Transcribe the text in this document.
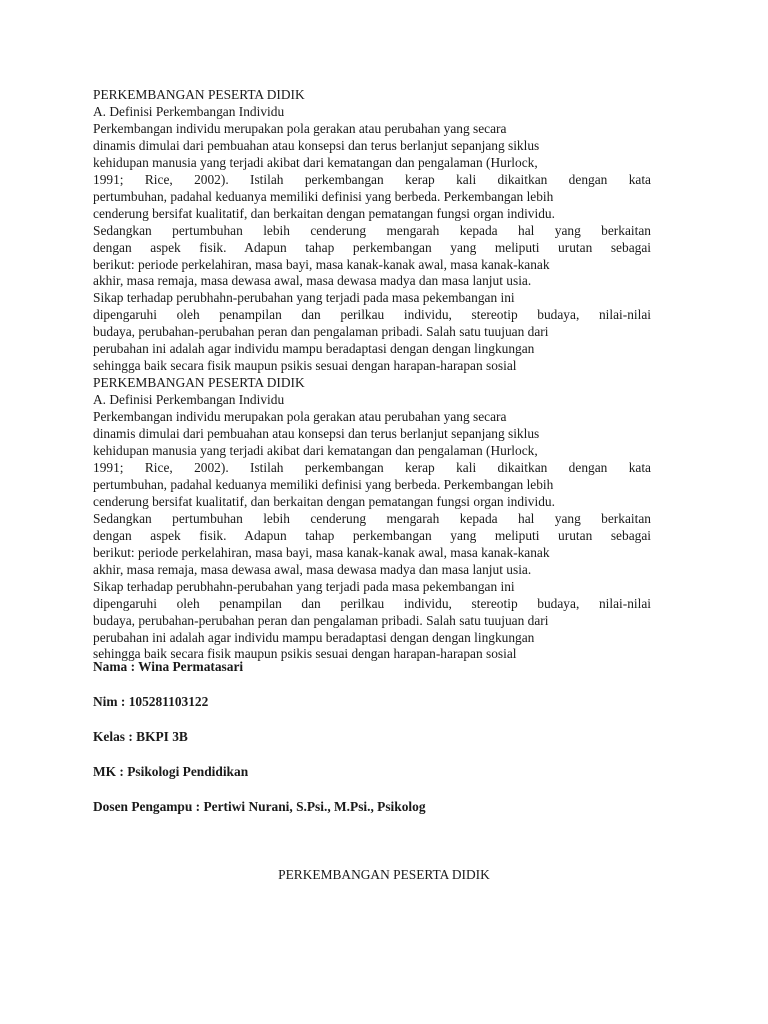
PERKEMBANGAN PESERTA DIDIK
A. Definisi Perkembangan Individu
Perkembangan individu merupakan pola gerakan atau perubahan yang secara
dinamis dimulai dari pembuahan atau konsepsi dan terus berlanjut sepanjang siklus
kehidupan manusia yang terjadi akibat dari kematangan dan pengalaman (Hurlock,
1991; Rice, 2002). Istilah perkembangan kerap kali dikaitkan dengan kata
pertumbuhan, padahal keduanya memiliki definisi yang berbeda. Perkembangan lebih
cenderung bersifat kualitatif, dan berkaitan dengan pematangan fungsi organ individu.
Sedangkan pertumbuhan lebih cenderung mengarah kepada hal yang berkaitan
dengan aspek fisik. Adapun tahap perkembangan yang meliputi urutan sebagai
berikut: periode perkelahiran, masa bayi, masa kanak-kanak awal, masa kanak-kanak
akhir, masa remaja, masa dewasa awal, masa dewasa madya dan masa lanjut usia.
Sikap terhadap perubhahn-perubahan yang terjadi pada masa pekembangan ini
dipengaruhi oleh penampilan dan perilkau individu, stereotip budaya, nilai-nilai
budaya, perubahan-perubahan peran dan pengalaman pribadi. Salah satu tuujuan dari
perubahan ini adalah agar individu mampu beradaptasi dengan dengan lingkungan
sehingga baik secara fisik maupun psikis sesuai dengan harapan-harapan sosial
PERKEMBANGAN PESERTA DIDIK
A. Definisi Perkembangan Individu
Perkembangan individu merupakan pola gerakan atau perubahan yang secara
dinamis dimulai dari pembuahan atau konsepsi dan terus berlanjut sepanjang siklus
kehidupan manusia yang terjadi akibat dari kematangan dan pengalaman (Hurlock,
1991; Rice, 2002). Istilah perkembangan kerap kali dikaitkan dengan kata
pertumbuhan, padahal keduanya memiliki definisi yang berbeda. Perkembangan lebih
cenderung bersifat kualitatif, dan berkaitan dengan pematangan fungsi organ individu.
Sedangkan pertumbuhan lebih cenderung mengarah kepada hal yang berkaitan
dengan aspek fisik. Adapun tahap perkembangan yang meliputi urutan sebagai
berikut: periode perkelahiran, masa bayi, masa kanak-kanak awal, masa kanak-kanak
akhir, masa remaja, masa dewasa awal, masa dewasa madya dan masa lanjut usia.
Sikap terhadap perubhahn-perubahan yang terjadi pada masa pekembangan ini
dipengaruhi oleh penampilan dan perilkau individu, stereotip budaya, nilai-nilai
budaya, perubahan-perubahan peran dan pengalaman pribadi. Salah satu tuujuan dari
perubahan ini adalah agar individu mampu beradaptasi dengan dengan lingkungan
sehingga baik secara fisik maupun psikis sesuai dengan harapan-harapan sosial
Nama : Wina Permatasari
Nim : 105281103122
Kelas : BKPI 3B
MK : Psikologi Pendidikan
Dosen Pengampu : Pertiwi Nurani, S.Psi., M.Psi., Psikolog
PERKEMBANGAN PESERTA DIDIK
